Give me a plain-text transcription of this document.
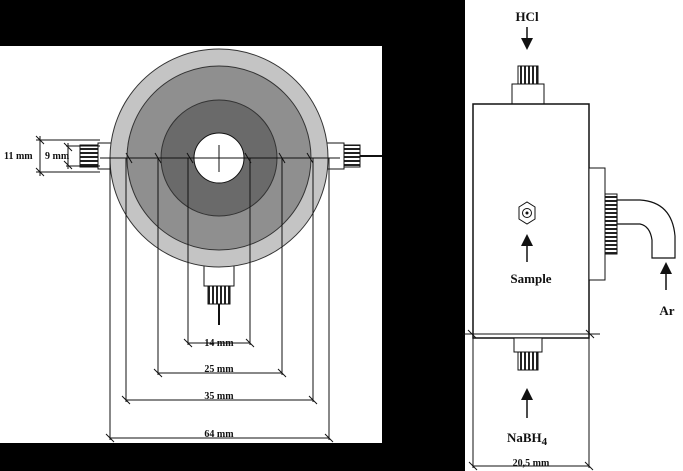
14 mm
25 mm
35 mm
64 mm
11 mm 9 mm
HCl
Ar
Sample
NaBH$_4$
20,5 mm
